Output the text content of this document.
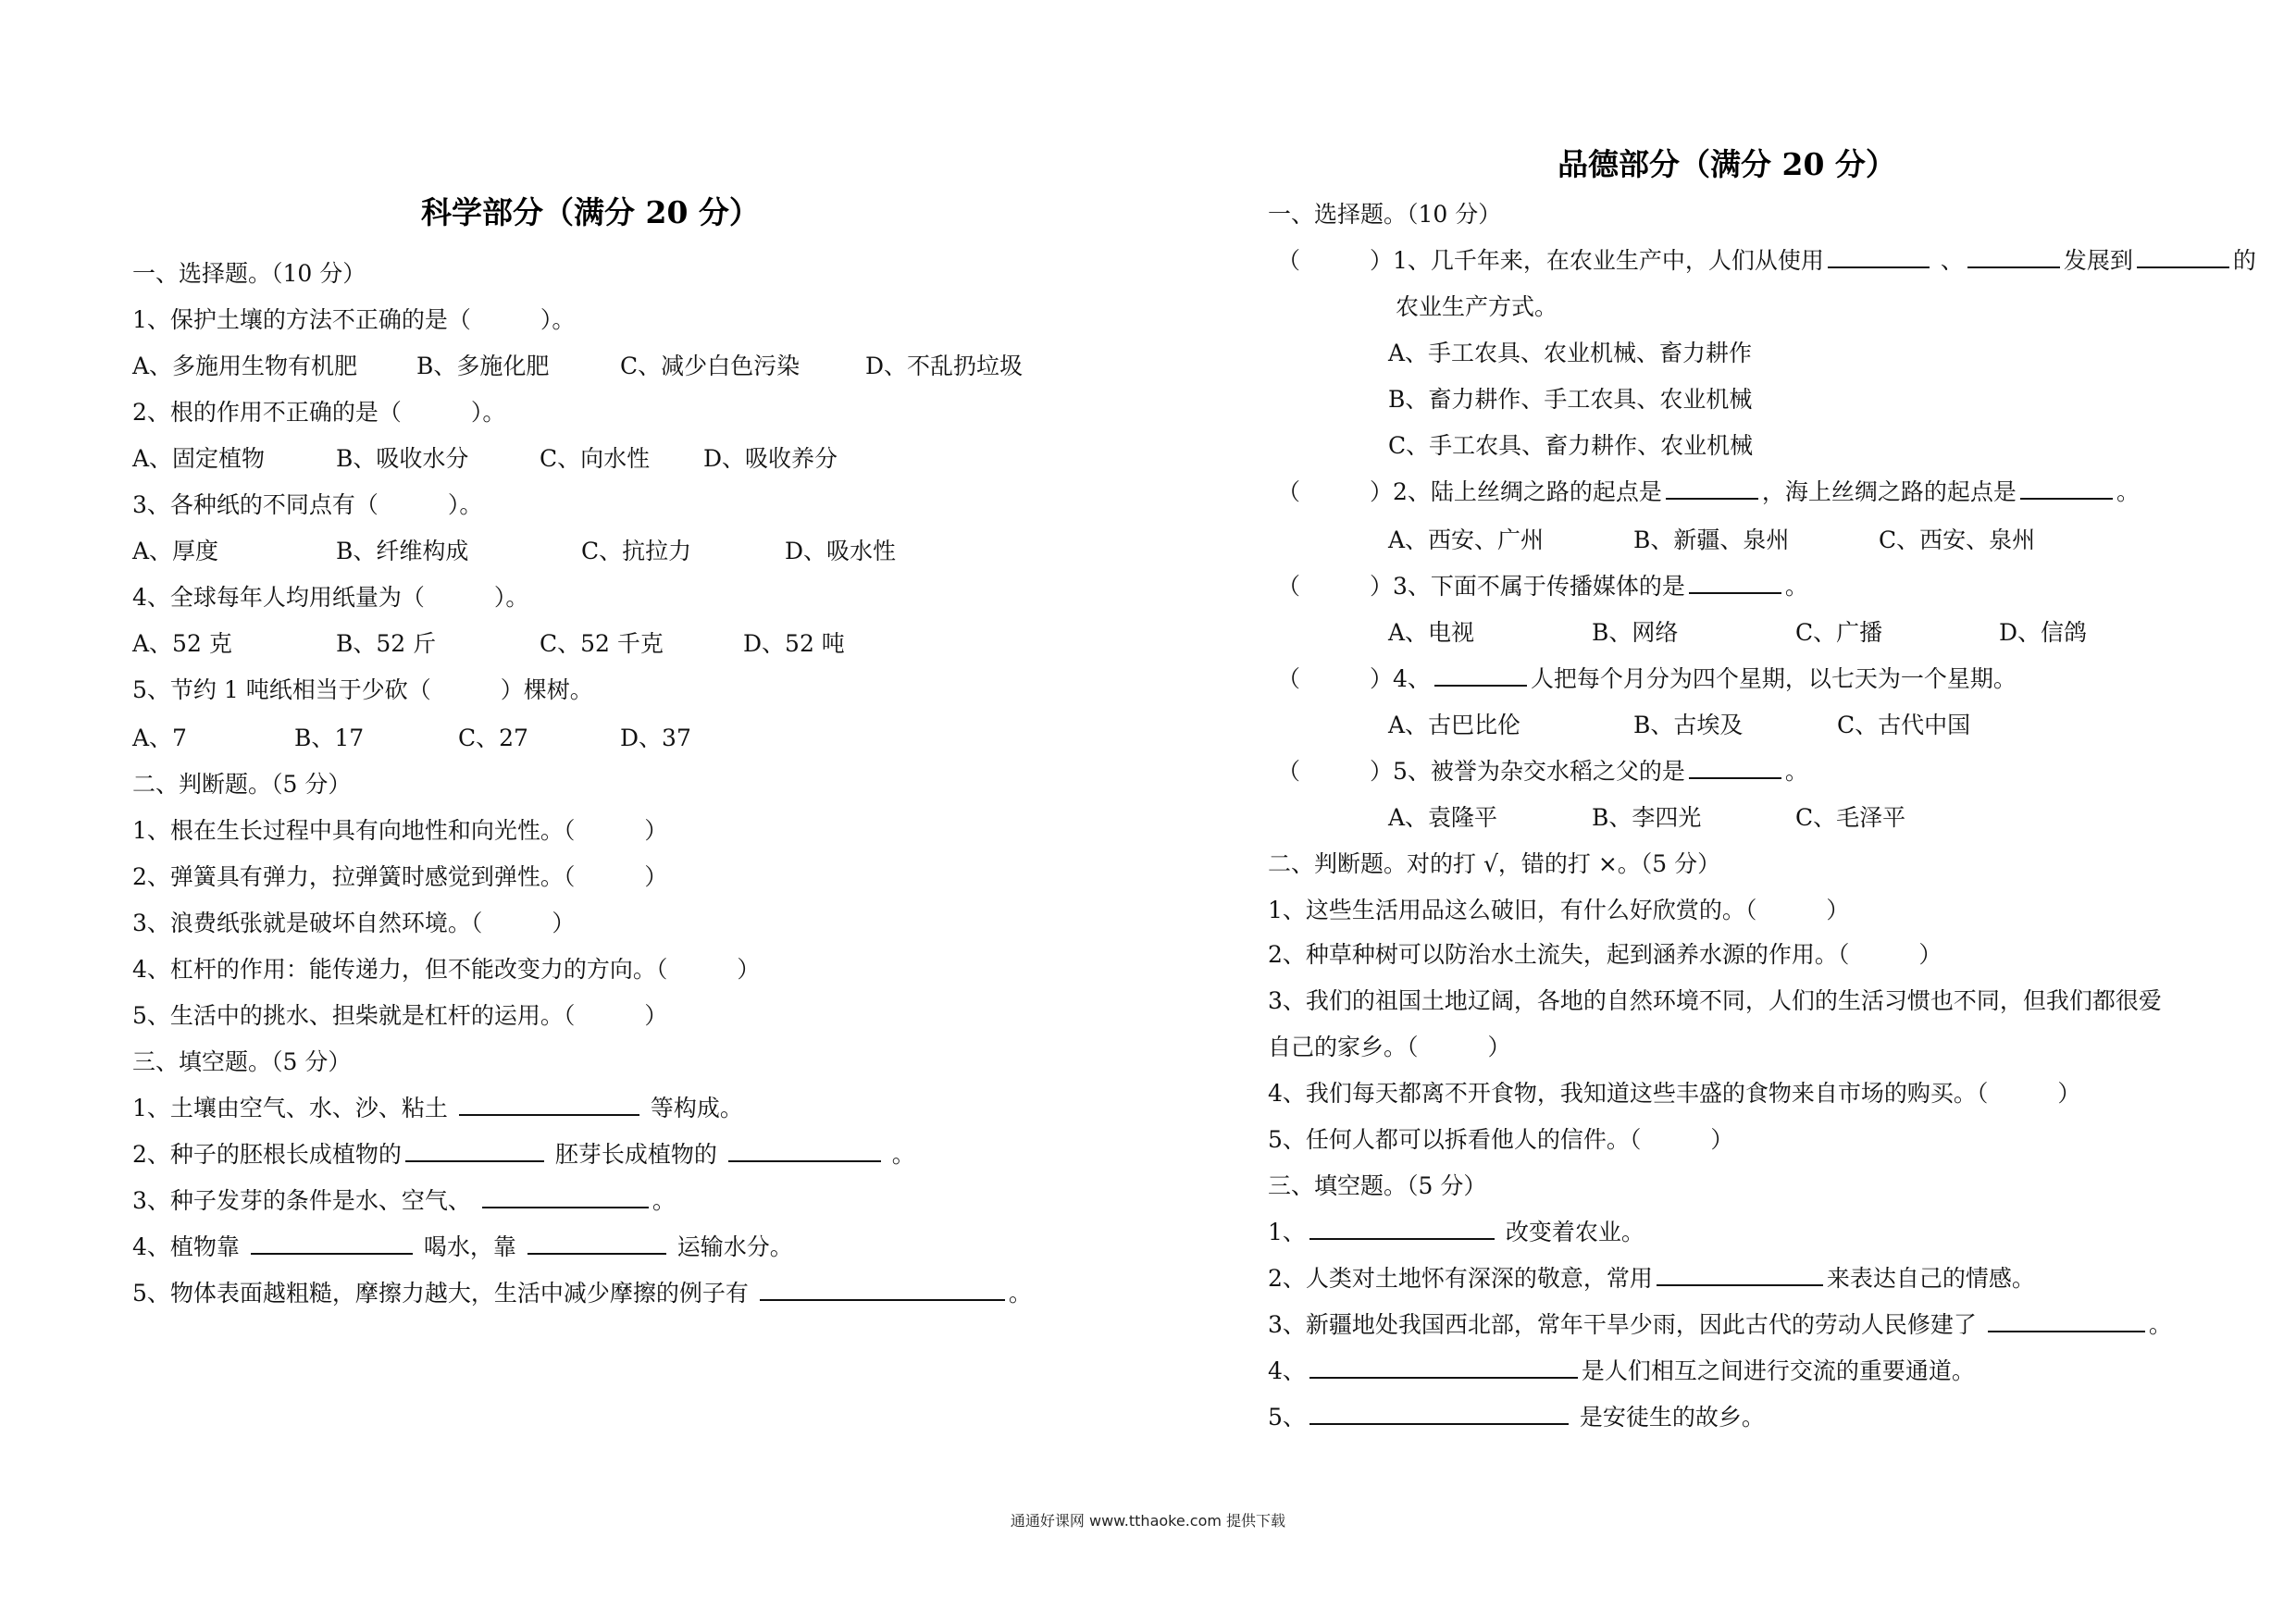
科学部分（满分 20 分）
一、选择题。（10 分）
1、保护土壤的方法不正确的是（　　　）。
A、多施用生物有机肥	B、多施化肥	C、减少白色污染	D、不乱扔垃圾
2、根的作用不正确的是（　　　）。
A、固定植物	B、吸收水分	C、向水性 D、吸收养分
3、各种纸的不同点有（　　　）。
A、厚度	B、纤维构成	C、抗拉力	D、吸水性
4、全球每年人均用纸量为（　　　）。
A、52 克	B、52 斤	C、52 千克	D、52 吨
5、节约 1 吨纸相当于少砍（　　　）棵树。
A、7	B、17	C、27	D、37
二、判断题。（5 分）
1、根在生长过程中具有向地性和向光性。（　　　）
2、弹簧具有弹力，拉弹簧时感觉到弹性。（　　　）
3、浪费纸张就是破坏自然环境。（　　　）
4、杠杆的作用：能传递力，但不能改变力的方向。（　　　）
5、生活中的挑水、担柴就是杠杆的运用。（　　　）
三、填空题。（5 分）
1、土壤由空气、水、沙、粘土	等构成。
2、种子的胚根长成植物的	胚芽长成植物的	。
3、种子发芽的条件是水、空气、	。
4、植物靠	喝水，靠	运输水分。
5、物体表面越粗糙，摩擦力越大，生活中减少摩擦的例子有	。
品德部分（满分 20 分）
一、选择题。（10 分）
（　　　）1、几千年来，在农业生产中，人们从使用	、	发展到	的
农业生产方式。
A、手工农具、农业机械、畜力耕作
B、畜力耕作、手工农具、农业机械
C、手工农具、畜力耕作、农业机械
（　　　）2、陆上丝绸之路的起点是	，海上丝绸之路的起点是	。
A、西安、广州	B、新疆、泉州	C、西安、泉州
（　　　）3、下面不属于传播媒体的是	。
A、电视	B、网络	C、广播	D、信鸽
（　　　）4、	人把每个月分为四个星期，以七天为一个星期。
A、古巴比伦	B、古埃及	C、古代中国
（　　　）5、被誉为杂交水稻之父的是	。
A、袁隆平	B、李四光	C、毛泽平
二、判断题。对的打 √，错的打 ×。（5 分）
1、这些生活用品这么破旧，有什么好欣赏的。（　　　）
2、种草种树可以防治水土流失，起到涵养水源的作用。（　　　）
3、我们的祖国土地辽阔，各地的自然环境不同，人们的生活习惯也不同，但我们都很爱
自己的家乡。（　　　）
4、我们每天都离不开食物，我知道这些丰盛的食物来自市场的购买。（　　　）
5、任何人都可以拆看他人的信件。（　　　）
三、填空题。（5 分）
1、	改变着农业。
2、人类对土地怀有深深的敬意，常用	来表达自己的情感。
3、新疆地处我国西北部，常年干旱少雨，因此古代的劳动人民修建了	。
4、	是人们相互之间进行交流的重要通道。
5、	是安徒生的故乡。
通通好课网 www.tthaoke.com 提供下载
